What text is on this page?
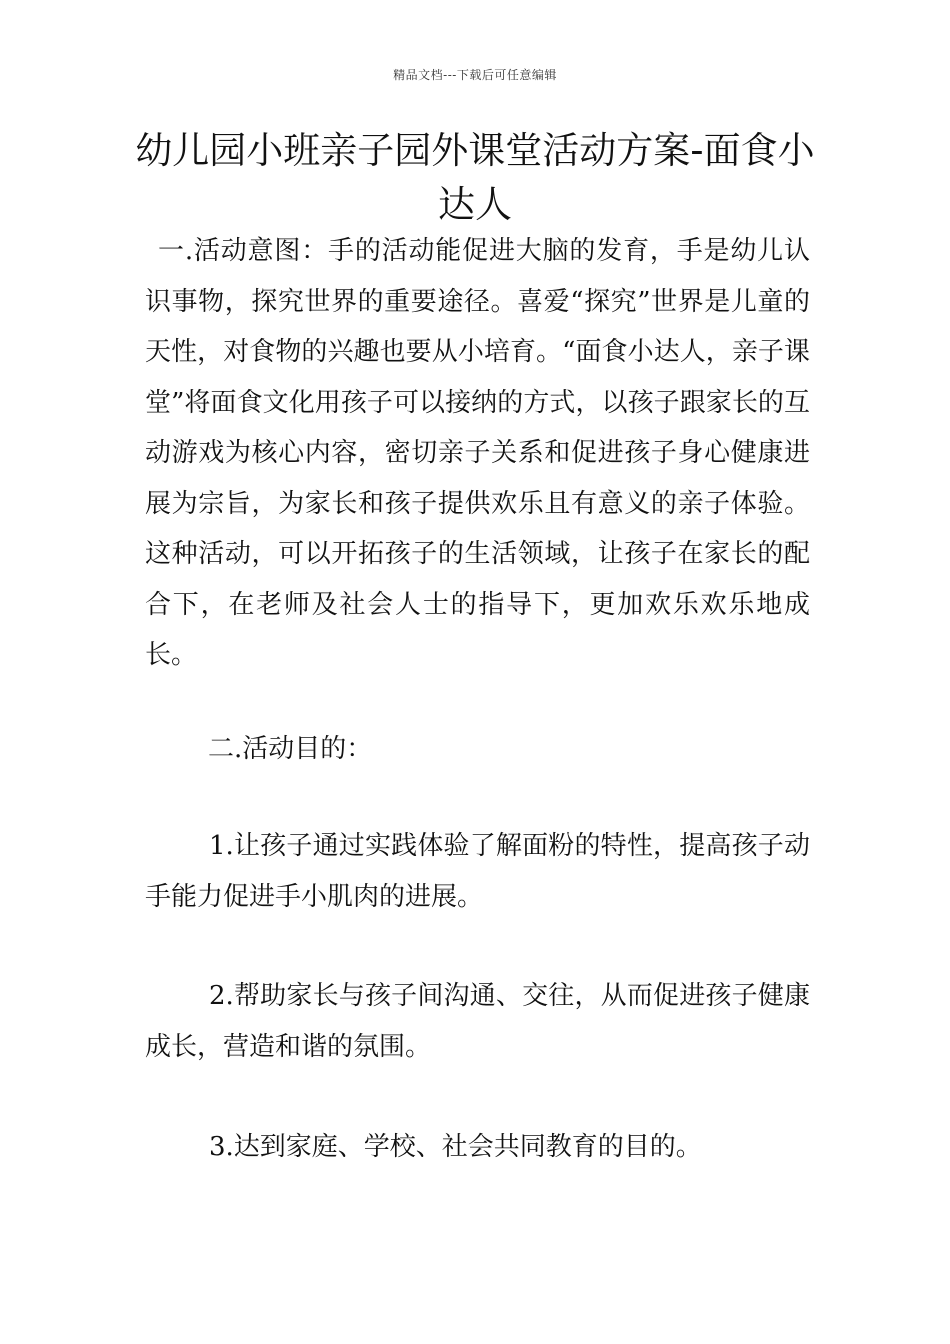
精品文档---下载后可任意编辑
幼儿园小班亲子园外课堂活动方案-面食小达人

一.活动意图：手的活动能促进大脑的发育，手是幼儿认识事物，探究世界的重要途径。喜爱“探究”世界是儿童的天性，对食物的兴趣也要从小培育。“面食小达人，亲子课堂”将面食文化用孩子可以接纳的方式，以孩子跟家长的互动游戏为核心内容，密切亲子关系和促进孩子身心健康进展为宗旨，为家长和孩子提供欢乐且有意义的亲子体验。这种活动，可以开拓孩子的生活领域，让孩子在家长的配合下，在老师及社会人士的指导下，更加欢乐欢乐地成长。

二.活动目的：

1.让孩子通过实践体验了解面粉的特性，提高孩子动手能力促进手小肌肉的进展。

2.帮助家长与孩子间沟通、交往，从而促进孩子健康成长，营造和谐的氛围。

3.达到家庭、学校、社会共同教育的目的。
